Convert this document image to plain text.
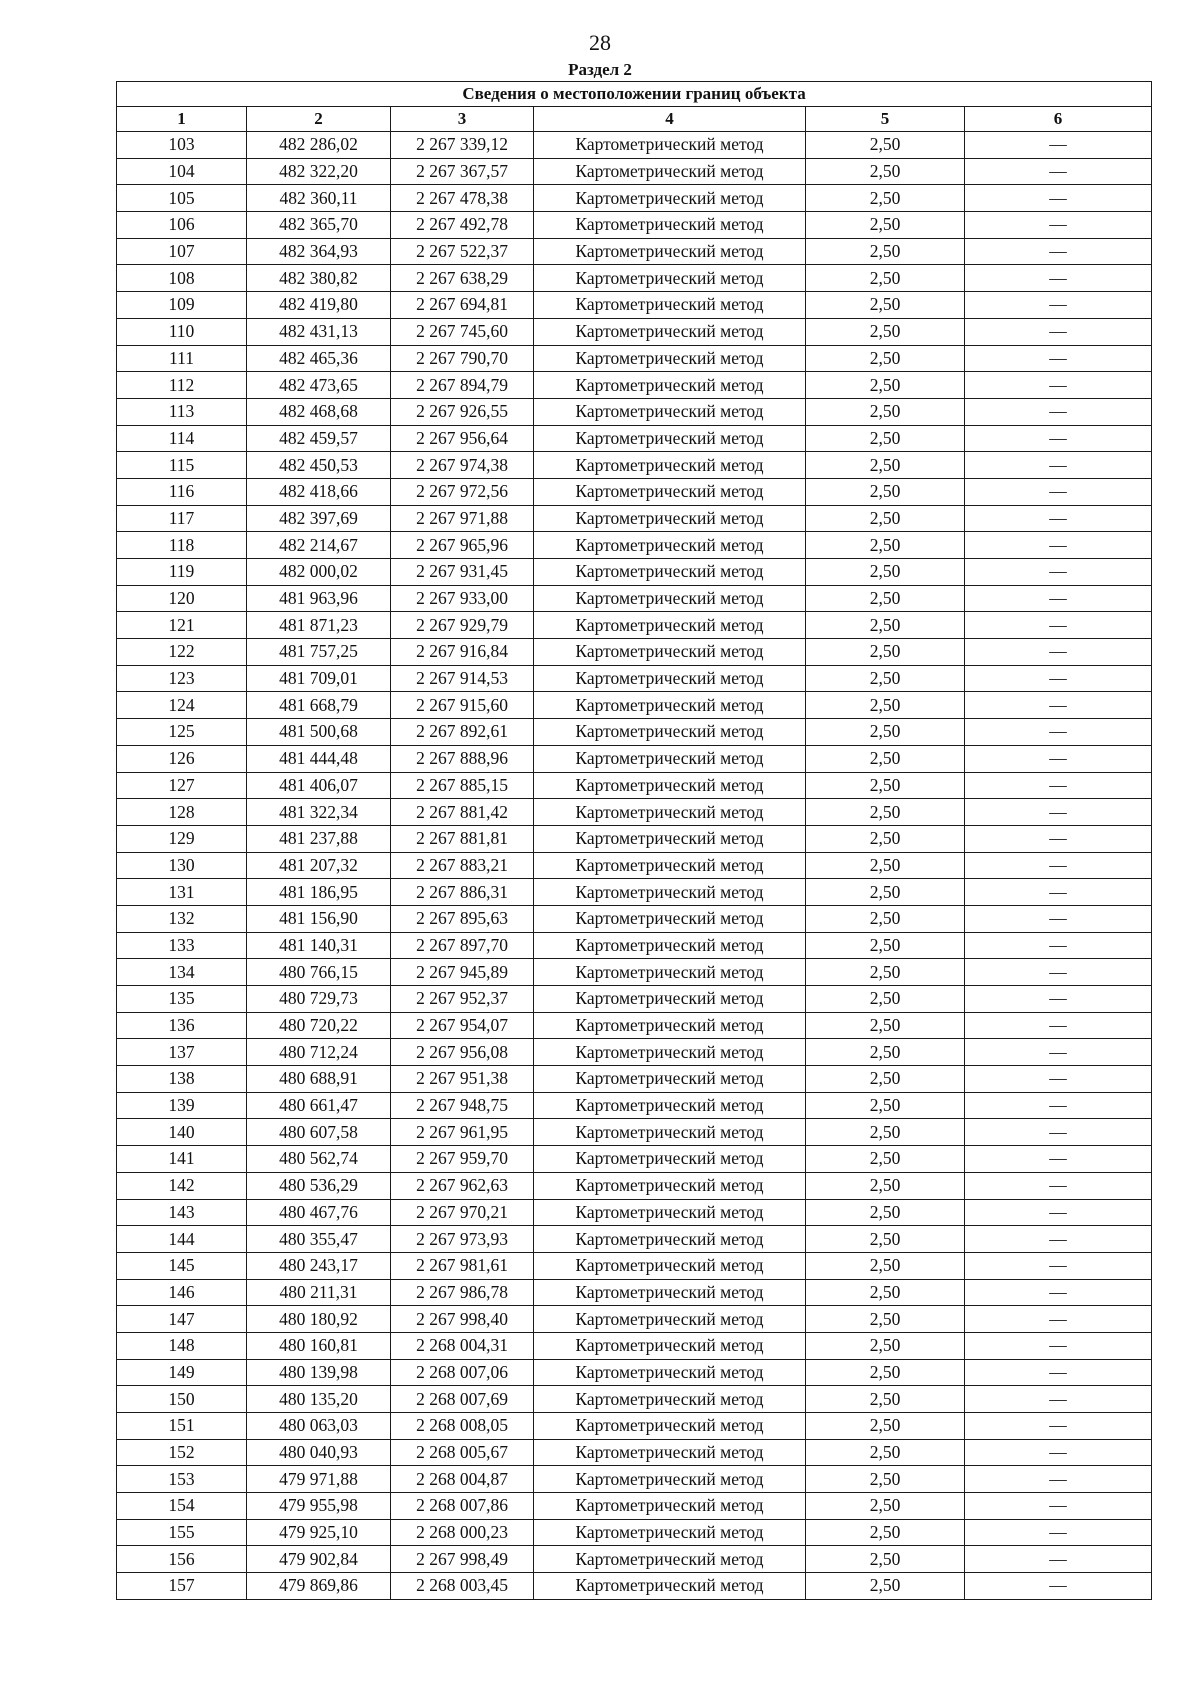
28
Раздел 2
Сведения о местоположении границ объекта					
1	2	3	4	5	6
103	482 286,02	2 267 339,12	Картометрический метод	2,50	—
104	482 322,20	2 267 367,57	Картометрический метод	2,50	—
105	482 360,11	2 267 478,38	Картометрический метод	2,50	—
106	482 365,70	2 267 492,78	Картометрический метод	2,50	—
107	482 364,93	2 267 522,37	Картометрический метод	2,50	—
108	482 380,82	2 267 638,29	Картометрический метод	2,50	—
109	482 419,80	2 267 694,81	Картометрический метод	2,50	—
110	482 431,13	2 267 745,60	Картометрический метод	2,50	—
111	482 465,36	2 267 790,70	Картометрический метод	2,50	—
112	482 473,65	2 267 894,79	Картометрический метод	2,50	—
113	482 468,68	2 267 926,55	Картометрический метод	2,50	—
114	482 459,57	2 267 956,64	Картометрический метод	2,50	—
115	482 450,53	2 267 974,38	Картометрический метод	2,50	—
116	482 418,66	2 267 972,56	Картометрический метод	2,50	—
117	482 397,69	2 267 971,88	Картометрический метод	2,50	—
118	482 214,67	2 267 965,96	Картометрический метод	2,50	—
119	482 000,02	2 267 931,45	Картометрический метод	2,50	—
120	481 963,96	2 267 933,00	Картометрический метод	2,50	—
121	481 871,23	2 267 929,79	Картометрический метод	2,50	—
122	481 757,25	2 267 916,84	Картометрический метод	2,50	—
123	481 709,01	2 267 914,53	Картометрический метод	2,50	—
124	481 668,79	2 267 915,60	Картометрический метод	2,50	—
125	481 500,68	2 267 892,61	Картометрический метод	2,50	—
126	481 444,48	2 267 888,96	Картометрический метод	2,50	—
127	481 406,07	2 267 885,15	Картометрический метод	2,50	—
128	481 322,34	2 267 881,42	Картометрический метод	2,50	—
129	481 237,88	2 267 881,81	Картометрический метод	2,50	—
130	481 207,32	2 267 883,21	Картометрический метод	2,50	—
131	481 186,95	2 267 886,31	Картометрический метод	2,50	—
132	481 156,90	2 267 895,63	Картометрический метод	2,50	—
133	481 140,31	2 267 897,70	Картометрический метод	2,50	—
134	480 766,15	2 267 945,89	Картометрический метод	2,50	—
135	480 729,73	2 267 952,37	Картометрический метод	2,50	—
136	480 720,22	2 267 954,07	Картометрический метод	2,50	—
137	480 712,24	2 267 956,08	Картометрический метод	2,50	—
138	480 688,91	2 267 951,38	Картометрический метод	2,50	—
139	480 661,47	2 267 948,75	Картометрический метод	2,50	—
140	480 607,58	2 267 961,95	Картометрический метод	2,50	—
141	480 562,74	2 267 959,70	Картометрический метод	2,50	—
142	480 536,29	2 267 962,63	Картометрический метод	2,50	—
143	480 467,76	2 267 970,21	Картометрический метод	2,50	—
144	480 355,47	2 267 973,93	Картометрический метод	2,50	—
145	480 243,17	2 267 981,61	Картометрический метод	2,50	—
146	480 211,31	2 267 986,78	Картометрический метод	2,50	—
147	480 180,92	2 267 998,40	Картометрический метод	2,50	—
148	480 160,81	2 268 004,31	Картометрический метод	2,50	—
149	480 139,98	2 268 007,06	Картометрический метод	2,50	—
150	480 135,20	2 268 007,69	Картометрический метод	2,50	—
151	480 063,03	2 268 008,05	Картометрический метод	2,50	—
152	480 040,93	2 268 005,67	Картометрический метод	2,50	—
153	479 971,88	2 268 004,87	Картометрический метод	2,50	—
154	479 955,98	2 268 007,86	Картометрический метод	2,50	—
155	479 925,10	2 268 000,23	Картометрический метод	2,50	—
156	479 902,84	2 267 998,49	Картометрический метод	2,50	—
157	479 869,86	2 268 003,45	Картометрический метод	2,50	—
